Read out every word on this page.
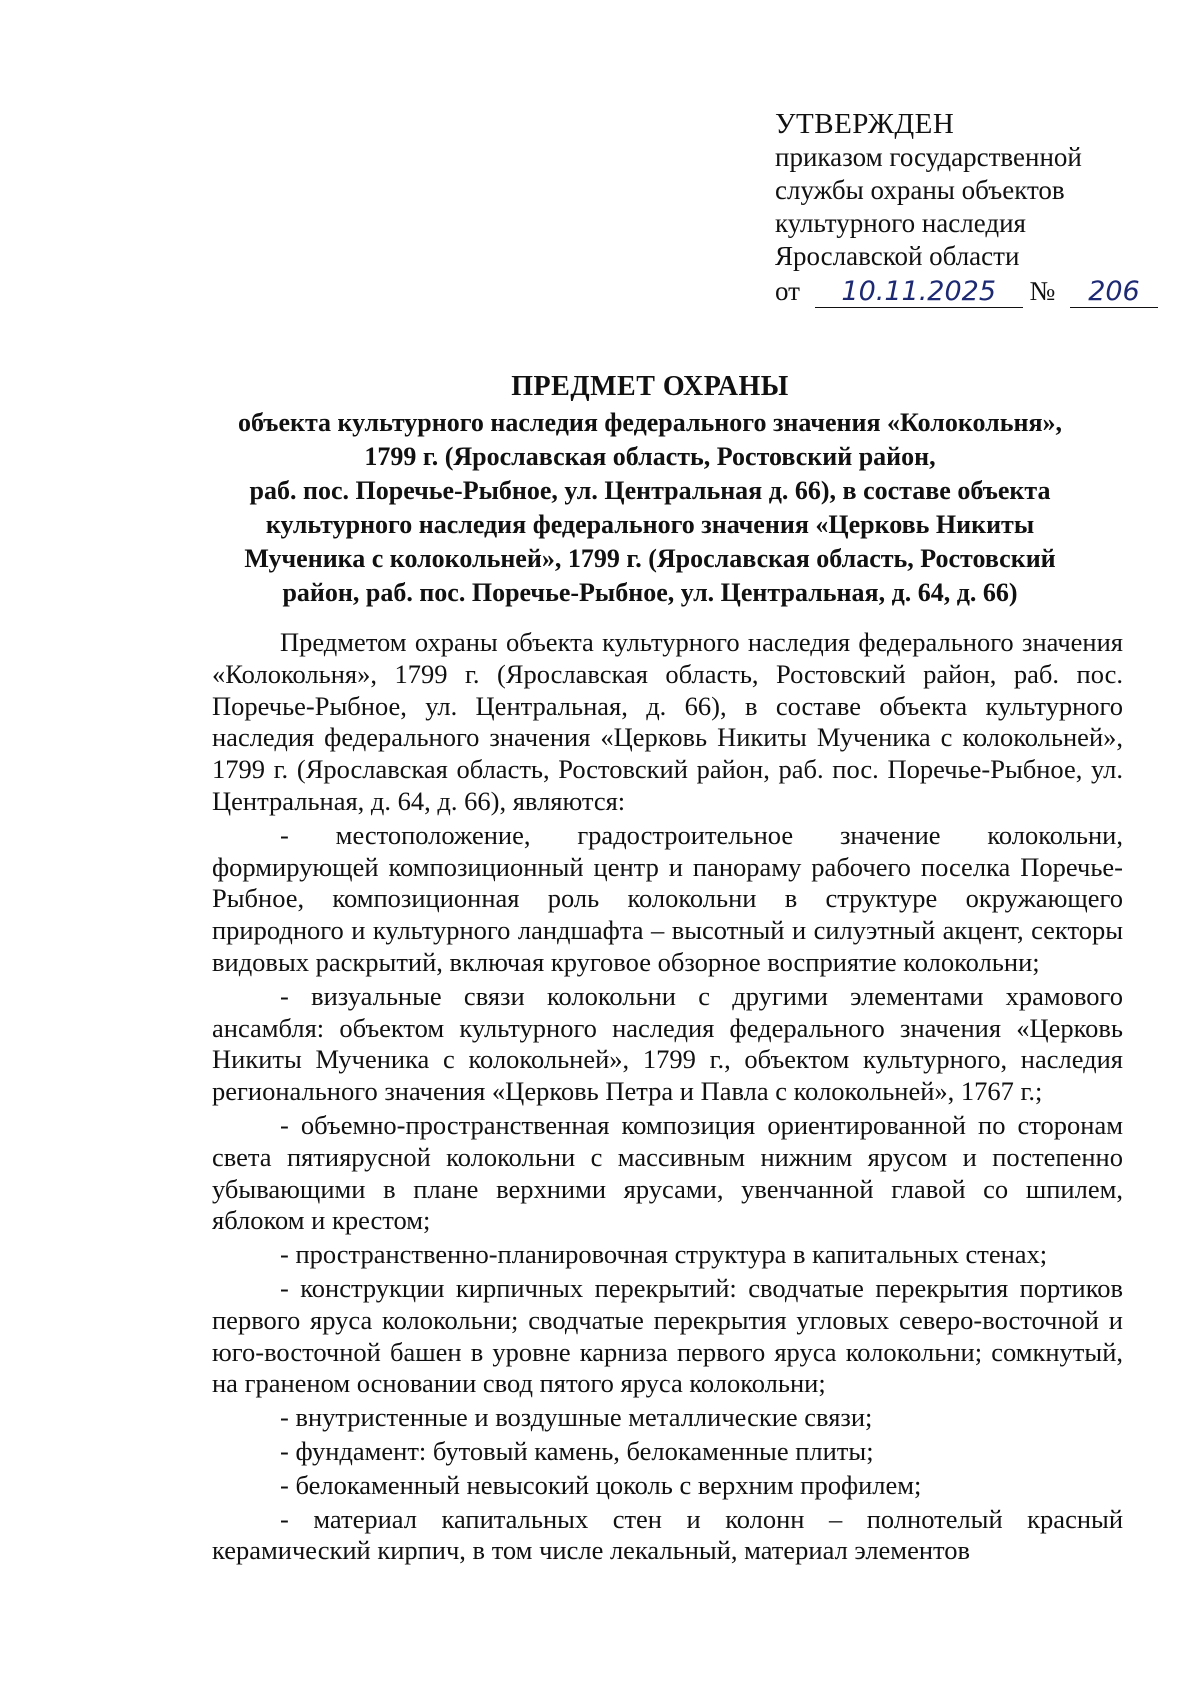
УТВЕРЖДЕН
приказом государственной
службы охраны объектов
культурного наследия
Ярославской области
от 10.11.2025 № 206
ПРЕДМЕТ ОХРАНЫ
объекта культурного наследия федерального значения «Колокольня»,
1799 г. (Ярославская область, Ростовский район,
раб. пос. Поречье-Рыбное, ул. Центральная д. 66), в составе объекта
культурного наследия федерального значения «Церковь Никиты
Мученика с колокольней», 1799 г. (Ярославская область, Ростовский
район, раб. пос. Поречье-Рыбное, ул. Центральная, д. 64, д. 66)

Предметом охраны объекта культурного наследия федерального значения «Колокольня», 1799 г. (Ярославская область, Ростовский район, раб. пос. Поречье-Рыбное, ул. Центральная, д. 66), в составе объекта культурного наследия федерального значения «Церковь Никиты Мученика с колокольней», 1799 г. (Ярославская область, Ростовский район, раб. пос. Поречье-Рыбное, ул. Центральная, д. 64, д. 66), являются:

- местоположение, градостроительное значение колокольни, формирующей композиционный центр и панораму рабочего поселка Поречье-Рыбное, композиционная роль колокольни в структуре окружающего природного и культурного ландшафта – высотный и силуэтный акцент, секторы видовых раскрытий, включая круговое обзорное восприятие колокольни;

- визуальные связи колокольни с другими элементами храмового ансамбля: объектом культурного наследия федерального значения «Церковь Никиты Мученика с колокольней», 1799 г., объектом культурного, наследия регионального значения «Церковь Петра и Павла с колокольней», 1767 г.;

- объемно-пространственная композиция ориентированной по сторонам света пятиярусной колокольни с массивным нижним ярусом и постепенно убывающими в плане верхними ярусами, увенчанной главой со шпилем, яблоком и крестом;

- пространственно-планировочная структура в капитальных стенах;

- конструкции кирпичных перекрытий: сводчатые перекрытия портиков первого яруса колокольни; сводчатые перекрытия угловых северо-восточной и юго-восточной башен в уровне карниза первого яруса колокольни; сомкнутый, на граненом основании свод пятого яруса колокольни;

- внутристенные и воздушные металлические связи;

- фундамент: бутовый камень, белокаменные плиты;

- белокаменный невысокий цоколь с верхним профилем;

- материал капитальных стен и колонн – полнотелый красный керамический кирпич, в том числе лекальный, материал элементов
